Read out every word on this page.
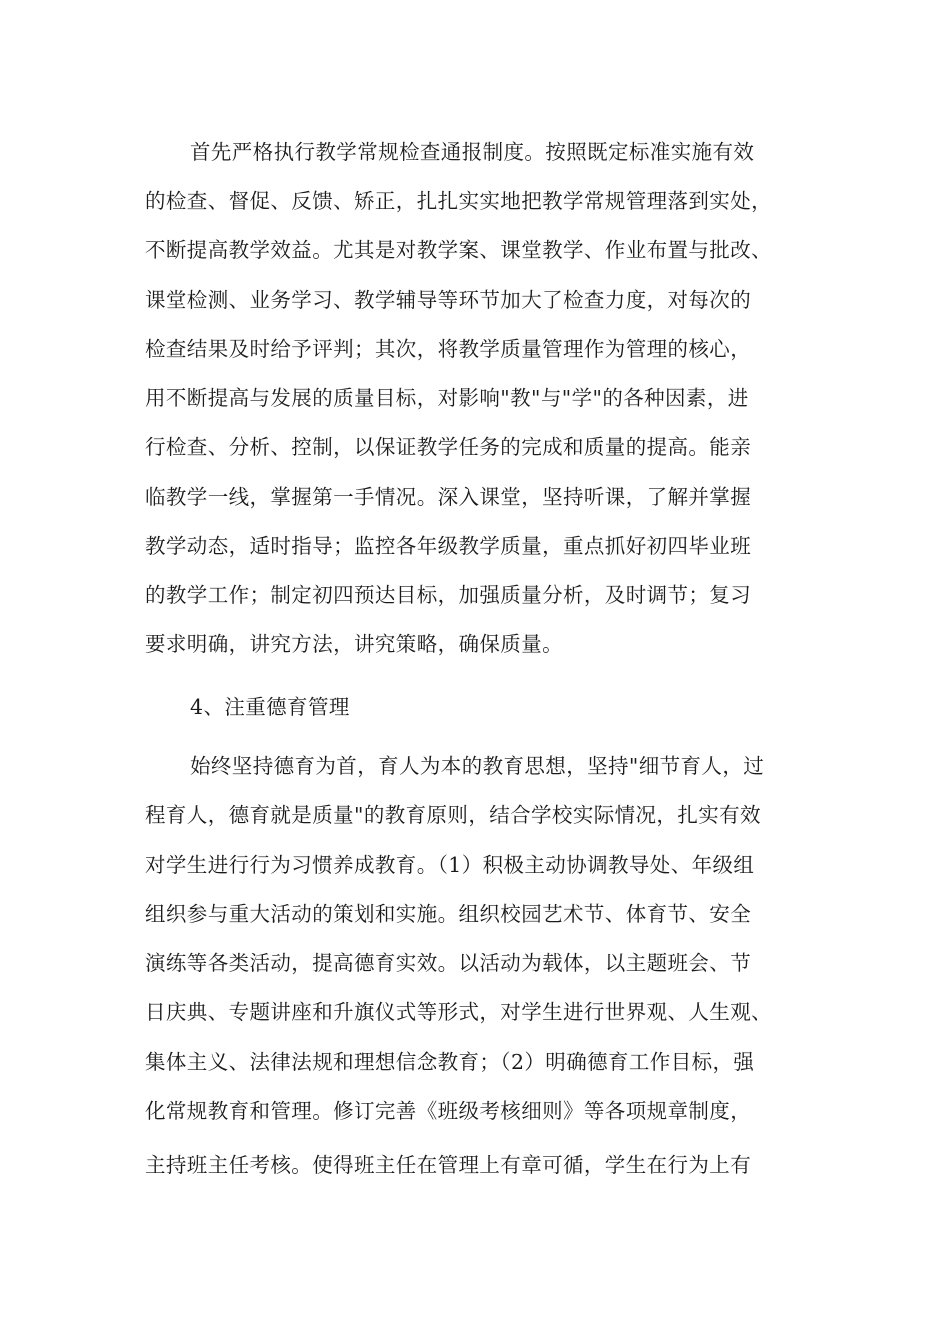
首先严格执行教学常规检查通报制度。按照既定标准实施有效

的检查、督促、反馈、矫正，扎扎实实地把教学常规管理落到实处，

不断提高教学效益。尤其是对教学案、课堂教学、作业布置与批改、

课堂检测、业务学习、教学辅导等环节加大了检查力度，对每次的

检查结果及时给予评判；其次，将教学质量管理作为管理的核心，

用不断提高与发展的质量目标，对影响"教"与"学"的各种因素，进

行检查、分析、控制，以保证教学任务的完成和质量的提高。能亲

临教学一线，掌握第一手情况。深入课堂，坚持听课，了解并掌握

教学动态，适时指导；监控各年级教学质量，重点抓好初四毕业班

的教学工作；制定初四预达目标，加强质量分析，及时调节；复习

要求明确，讲究方法，讲究策略，确保质量。

4、注重德育管理

始终坚持德育为首，育人为本的教育思想，坚持"细节育人，过

程育人，德育就是质量"的教育原则，结合学校实际情况，扎实有效

对学生进行行为习惯养成教育。（1）积极主动协调教导处、年级组

组织参与重大活动的策划和实施。组织校园艺术节、体育节、安全

演练等各类活动，提高德育实效。以活动为载体，以主题班会、节

日庆典、专题讲座和升旗仪式等形式，对学生进行世界观、人生观、

集体主义、法律法规和理想信念教育；（2）明确德育工作目标，强

化常规教育和管理。修订完善《班级考核细则》等各项规章制度，

主持班主任考核。使得班主任在管理上有章可循，学生在行为上有
